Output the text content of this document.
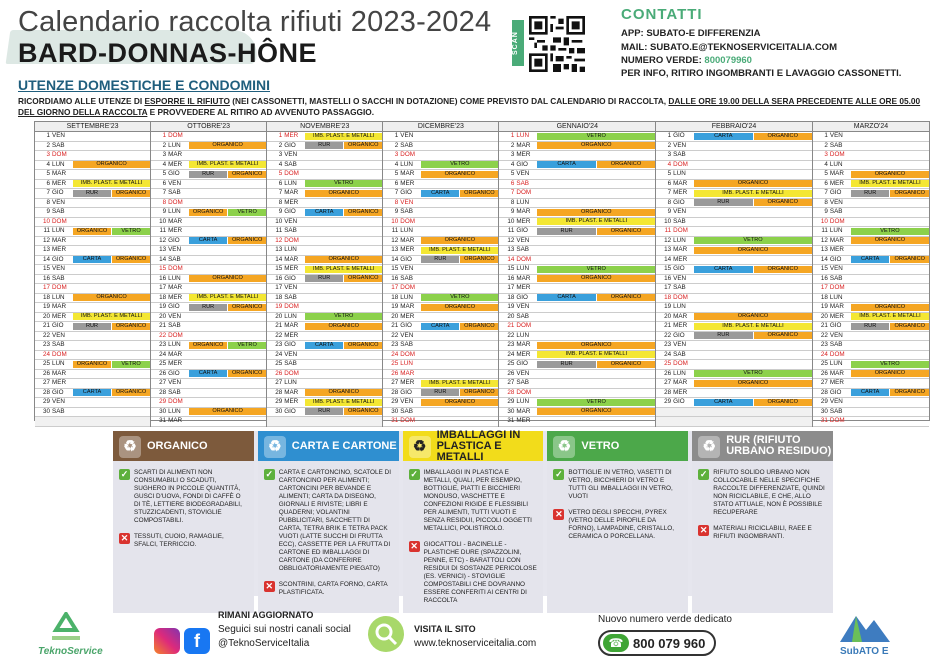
Calendario raccolta rifiuti 2023-2024
BARD-DONNAS-HÔNE
UTENZE DOMESTICHE E CONDOMINI
RICORDIAMO ALLE UTENZE DI ESPORRE IL RIFIUTO (NEI CASSONETTI, MASTELLI O SACCHI IN DOTAZIONE) COME PREVISTO DAL CALENDARIO DI RACCOLTA, DALLE ORE 19.00 DELLA SERA PRECEDENTE ALLE ORE 05.00 DEL GIORNO DELLA RACCOLTA E PROVVEDERE AL RITIRO AD AVVENUTO PASSAGGIO.
SCAN
CONTATTI
APP: SUBATO-E DIFFERENZIA
MAIL: SUBATO.E@TEKNOSERVICEITALIA.COM
NUMERO VERDE: 800079960
PER INFO, RITIRO INGOMBRANTI E LAVAGGIO CASSONETTI.
SETTEMBRE'23
1 VEN
2 SAB
3 DOM
4 LUN	ORGANICO
5 MAR
6 MER	IMB. PLAST. E METALLI
7 GIO	RUR	ORGANICO
8 VEN
9 SAB
10 DOM
11 LUN	ORGANICO	VETRO
12 MAR
13 MER
14 GIO	CARTA	ORGANICO
15 VEN
16 SAB
17 DOM
18 LUN	ORGANICO
19 MAR
20 MER	IMB. PLAST. E METALLI
21 GIO	RUR	ORGANICO
22 VEN
23 SAB
24 DOM
25 LUN	ORGANICO	VETRO
26 MAR
27 MER
28 GIO	CARTA	ORGANICO
29 VEN
30 SAB
OTTOBRE'23
1 DOM
2 LUN	ORGANICO
3 MAR
4 MER	IMB. PLAST. E METALLI
5 GIO	RUR	ORGANICO
6 VEN
7 SAB
8 DOM
9 LUN	ORGANICO	VETRO
10 MAR
11 MER
12 GIO	CARTA	ORGANICO
13 VEN
14 SAB
15 DOM
16 LUN	ORGANICO
17 MAR
18 MER	IMB. PLAST. E METALLI
19 GIO	RUR	ORGANICO
20 VEN
21 SAB
22 DOM
23 LUN	ORGANICO	VETRO
24 MAR
25 MER
26 GIO	CARTA	ORGANICO
27 VEN
28 SAB
29 DOM
30 LUN	ORGANICO
31 MAR
NOVEMBRE'23
1 MER	IMB. PLAST. E METALLI
2 GIO	RUR	ORGANICO
3 VEN
4 SAB
5 DOM
6 LUN	VETRO
7 MAR	ORGANICO
8 MER
9 GIO	CARTA	ORGANICO
10 VEN
11 SAB
12 DOM
13 LUN
14 MAR	ORGANICO
15 MER	IMB. PLAST. E METALLI
16 GIO	RUR	ORGANICO
17 VEN
18 SAB
19 DOM
20 LUN	VETRO
21 MAR	ORGANICO
22 MER
23 GIO	CARTA	ORGANICO
24 VEN
25 SAB
26 DOM
27 LUN
28 MAR	ORGANICO
29 MER	IMB. PLAST. E METALLI
30 GIO	RUR	ORGANICO
DICEMBRE'23
1 VEN
2 SAB
3 DOM
4 LUN	VETRO
5 MAR	ORGANICO
6 MER
7 GIO	CARTA	ORGANICO
8 VEN
9 SAB
10 DOM
11 LUN
12 MAR	ORGANICO
13 MER	IMB. PLAST. E METALLI
14 GIO	RUR	ORGANICO
15 VEN
16 SAB
17 DOM
18 LUN	VETRO
19 MAR	ORGANICO
20 MER
21 GIO	CARTA	ORGANICO
22 VEN
23 SAB
24 DOM
25 LUN
26 MAR
27 MER	IMB. PLAST. E METALLI
28 GIO	RUR	ORGANICO
29 VEN	ORGANICO
30 SAB
31 DOM
GENNAIO'24
1 LUN	VETRO
2 MAR	ORGANICO
3 MER
4 GIO	CARTA	ORGANICO
5 VEN
6 SAB
7 DOM
8 LUN
9 MAR	ORGANICO
10 MER	IMB. PLAST. E METALLI
11 GIO	RUR	ORGANICO
12 VEN
13 SAB
14 DOM
15 LUN	VETRO
16 MAR	ORGANICO
17 MER
18 GIO	CARTA	ORGANICO
19 VEN
20 SAB
21 DOM
22 LUN
23 MAR	ORGANICO
24 MER	IMB. PLAST. E METALLI
25 GIO	RUR	ORGANICO
26 VEN
27 SAB
28 DOM
29 LUN	VETRO
30 MAR	ORGANICO
31 MER
FEBBRAIO'24
1 GIO	CARTA	ORGANICO
2 VEN
3 SAB
4 DOM
5 LUN
6 MAR	ORGANICO
7 MER	IMB. PLAST. E METALLI
8 GIO	RUR	ORGANICO
9 VEN
10 SAB
11 DOM
12 LUN	VETRO
13 MAR	ORGANICO
14 MER
15 GIO	CARTA	ORGANICO
16 VEN
17 SAB
18 DOM
19 LUN
20 MAR	ORGANICO
21 MER	IMB. PLAST. E METALLI
22 GIO	RUR	ORGANICO
23 VEN
24 SAB
25 DOM
26 LUN	VETRO
27 MAR	ORGANICO
28 MER
29 GIO	CARTA	ORGANICO
MARZO'24
1 VEN
2 SAB
3 DOM
4 LUN
5 MAR	ORGANICO
6 MER	IMB. PLAST. E METALLI
7 GIO	RUR	ORGANICO
8 VEN
9 SAB
10 DOM
11 LUN	VETRO
12 MAR	ORGANICO
13 MER
14 GIO	CARTA	ORGANICO
15 VEN
16 SAB
17 DOM
18 LUN
19 MAR	ORGANICO
20 MER	IMB. PLAST. E METALLI
21 GIO	RUR	ORGANICO
22 VEN
23 SAB
24 DOM
25 LUN	VETRO
26 MAR	ORGANICO
27 MER
28 GIO	CARTA	ORGANICO
29 VEN
30 SAB
31 DOM
♻ ORGANICO
✓ SCARTI DI ALIMENTI NON CONSUMABILI O SCADUTI, SUGHERO IN PICCOLE QUANTITÀ, GUSCI D'UOVA, FONDI DI CAFFÈ O DI TÈ, LETTIERE BIODEGRADABILI, STUZZICADENTI, STOVIGLIE COMPOSTABILI.
✕ TESSUTI, CUOIO, RAMAGLIE, SFALCI, TERRICCIO.
♻ CARTA E CARTONE
✓ CARTA E CARTONCINO, SCATOLE DI CARTONCINO PER ALIMENTI; CARTONCINI PER BEVANDE E ALIMENTI; CARTA DA DISEGNO, GIORNALI E RIVISTE; LIBRI E QUADERNI; VOLANTINI PUBBLICITARI, SACCHETTI DI CARTA, TETRA BRIK E TETRA PACK VUOTI (LATTE SUCCHI DI FRUTTA ECC), CASSETTE PER LA FRUTTA DI CARTONE ED IMBALLAGGI DI CARTONE (DA CONFERIRE OBBLIGATORIAMENTE PIEGATO)
✕ SCONTRINI, CARTA FORNO, CARTA PLASTIFICATA.
♻
IMBALLAGGI IN PLASTICA E METALLI
✓ IMBALLAGGI IN PLASTICA E METALLI, QUALI, PER ESEMPIO, BOTTIGLIE, PIATTI E BICCHIERI MONOUSO, VASCHETTE E CONFEZIONI RIGIDE E FLESSIBILI PER ALIMENTI, TUTTI VUOTI E SENZA RESIDUI, PICCOLI OGGETTI METALLICI, POLISTIROLO.
✕ GIOCATTOLI - BACINELLE - PLASTICHE DURE (SPAZZOLINI, PENNE, ETC) - BARATTOLI CON RESIDUI DI SOSTANZE PERICOLOSE (ES. VERNICI) - STOVIGLIE COMPOSTABILI CHE DOVRANNO ESSERE CONFERITI AI CENTRI DI RACCOLTA
♻ VETRO
✓ BOTTIGLIE IN VETRO, VASETTI DI VETRO, BICCHIERI DI VETRO E TUTTI GLI IMBALLAGGI IN VETRO, VUOTI
✕ VETRO DEGLI SPECCHI, PYREX (VETRO DELLE PIROFILE DA FORNO), LAMPADINE, CRISTALLO, CERAMICA O PORCELLANA.
♻ RUR (RIFIUTO URBANO RESIDUO)
✓ RIFIUTO SOLIDO URBANO NON COLLOCABILE NELLE SPECIFICHE RACCOLTE DIFFERENZIATE, QUINDI NON RICICLABILE, E CHE, ALLO STATO ATTUALE, NON È POSSIBILE RECUPERARE
✕ MATERIALI RICICLABILI, RAEE E RIFIUTI INGOMBRANTI.
TeknoService
f
RIMANI AGGIORNATO
Seguici sui nostri canali social
@TeknoServiceItalia
VISITA IL SITO
www.teknoserviceitalia.com
Nuovo numero verde dedicato
☎ 800 079 960
SubATO E
